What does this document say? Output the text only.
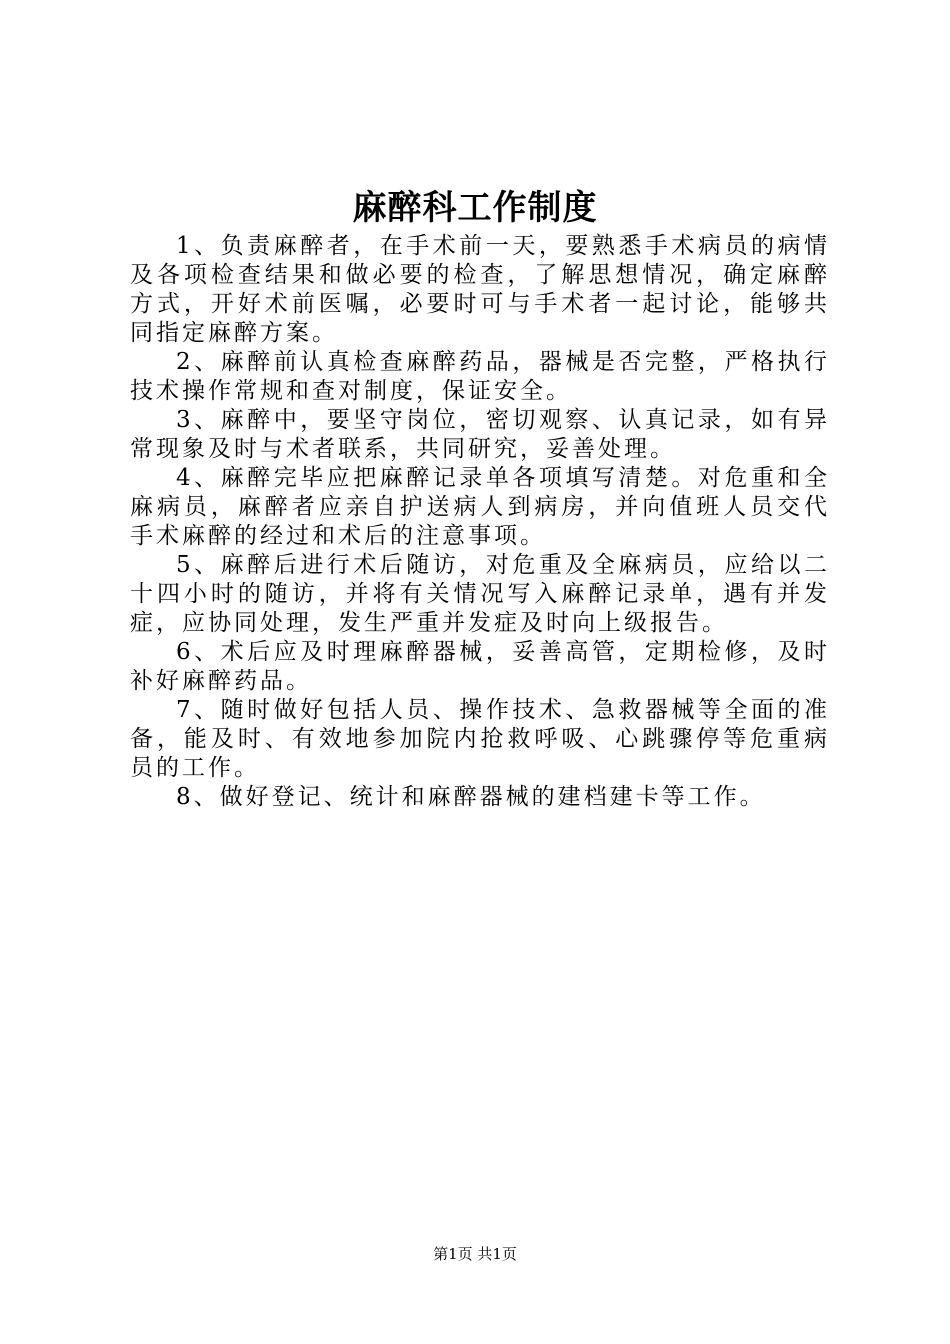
麻醉科工作制度

1、负责麻醉者，在手术前一天，要熟悉手术病员的病情及各项检查结果和做必要的检查，了解思想情况，确定麻醉方式，开好术前医嘱，必要时可与手术者一起讨论，能够共同指定麻醉方案。

2、麻醉前认真检查麻醉药品，器械是否完整，严格执行技术操作常规和查对制度，保证安全。

3、麻醉中，要坚守岗位，密切观察、认真记录，如有异常现象及时与术者联系，共同研究，妥善处理。

4、麻醉完毕应把麻醉记录单各项填写清楚。对危重和全麻病员，麻醉者应亲自护送病人到病房，并向值班人员交代手术麻醉的经过和术后的注意事项。

5、麻醉后进行术后随访，对危重及全麻病员，应给以二十四小时的随访，并将有关情况写入麻醉记录单，遇有并发症，应协同处理，发生严重并发症及时向上级报告。

6、术后应及时理麻醉器械，妥善高管，定期检修，及时补好麻醉药品。

7、随时做好包括人员、操作技术、急救器械等全面的准备，能及时、有效地参加院内抢救呼吸、心跳骤停等危重病员的工作。

8、做好登记、统计和麻醉器械的建档建卡等工作。

第1页 共1页
